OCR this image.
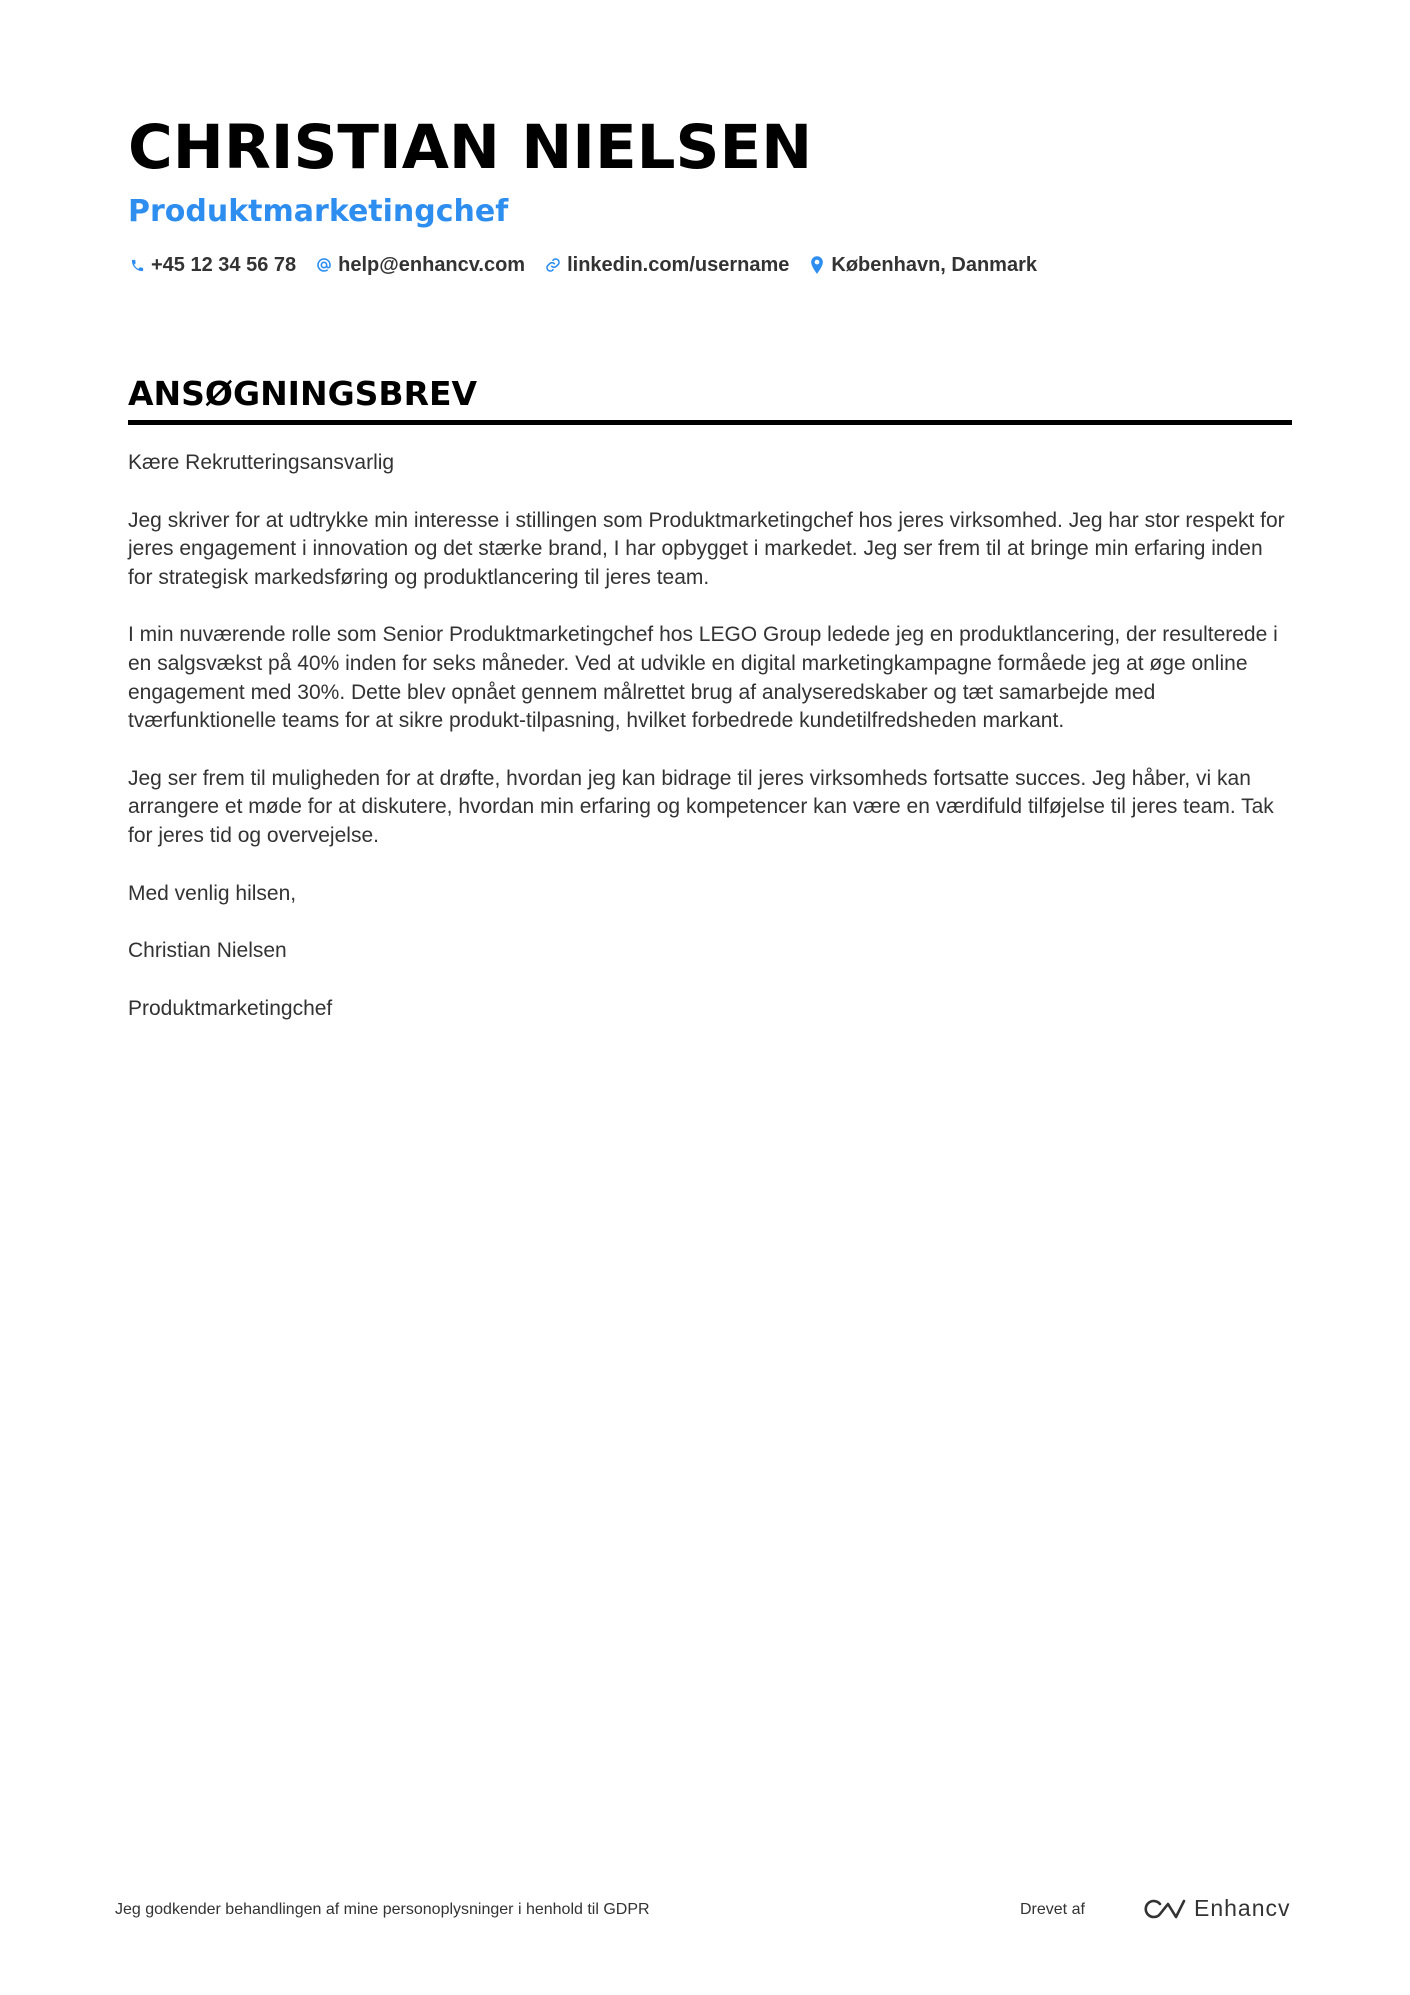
CHRISTIAN NIELSEN
Produktmarketingchef
+45 12 34 56 78 help@enhancv.com linkedin.com/username København, Danmark
ANSØGNINGSBREV

Kære Rekrutteringsansvarlig

Jeg skriver for at udtrykke min interesse i stillingen som Produktmarketingchef hos jeres virksomhed. Jeg har stor respekt for jeres engagement i innovation og det stærke brand, I har opbygget i markedet. Jeg ser frem til at bringe min erfaring inden for strategisk markedsføring og produktlancering til jeres team.

I min nuværende rolle som Senior Produktmarketingchef hos LEGO Group ledede jeg en produktlancering, der resulterede i en salgsvækst på 40% inden for seks måneder. Ved at udvikle en digital marketingkampagne formåede jeg at øge online engagement med 30%. Dette blev opnået gennem målrettet brug af analyseredskaber og tæt samarbejde med tværfunktionelle teams for at sikre produkt-tilpasning, hvilket forbedrede kundetilfredsheden markant.

Jeg ser frem til muligheden for at drøfte, hvordan jeg kan bidrage til jeres virksomheds fortsatte succes. Jeg håber, vi kan arrangere et møde for at diskutere, hvordan min erfaring og kompetencer kan være en værdifuld tilføjelse til jeres team. Tak for jeres tid og overvejelse.

Med venlig hilsen,

Christian Nielsen

Produktmarketingchef

Jeg godkender behandlingen af mine personoplysninger i henhold til GDPR	Drevet af	Enhancv
